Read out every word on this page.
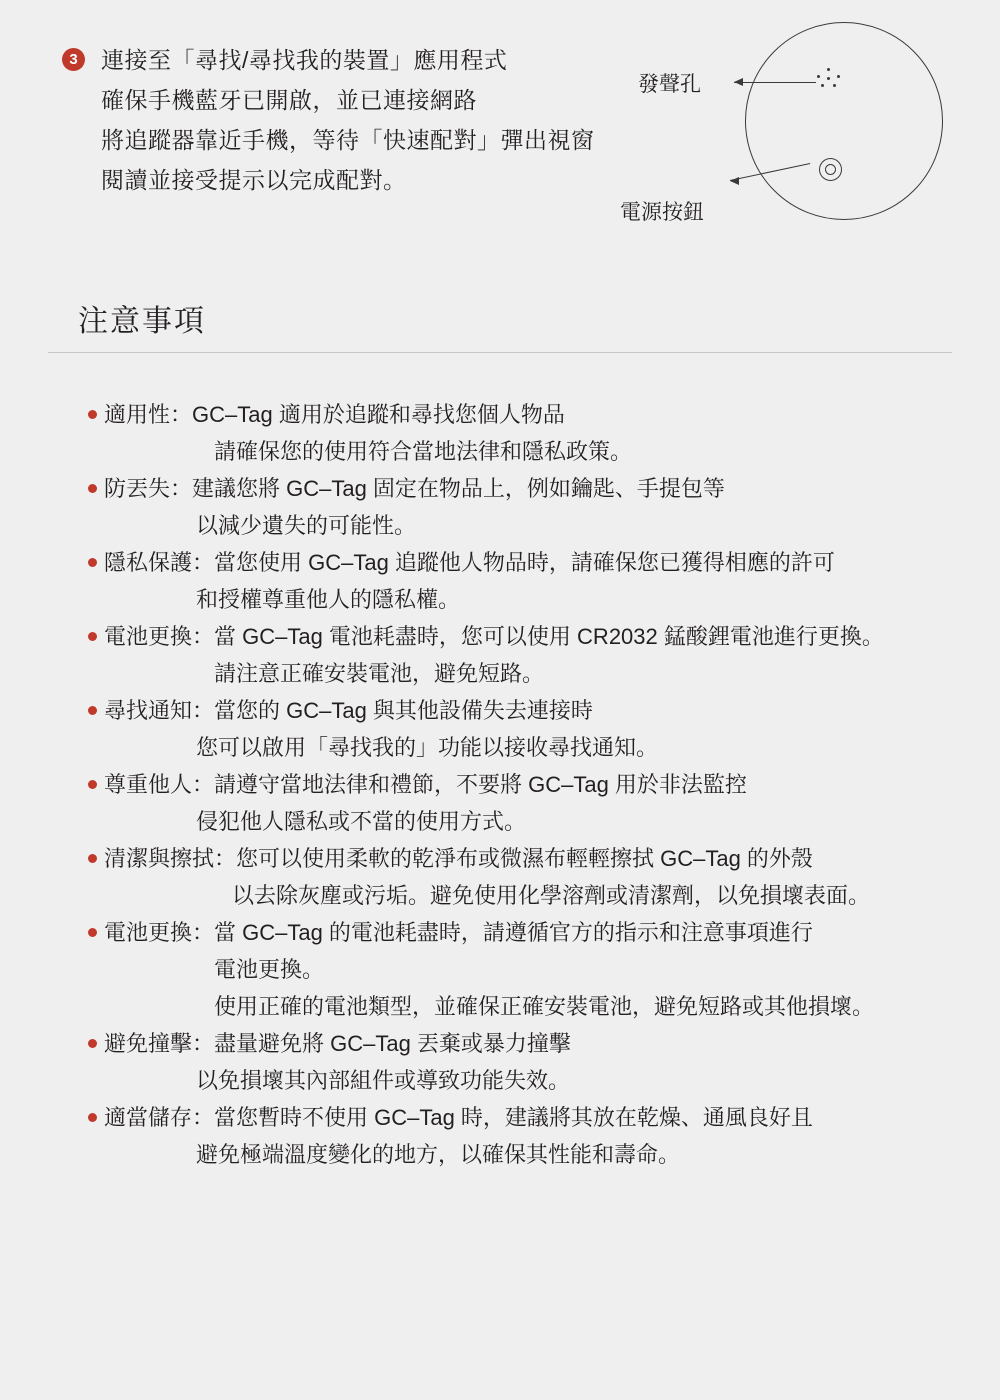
3	連接至「尋找/尋找我的裝置」應用程式
確保手機藍牙已開啟，並已連接網路
將追蹤器靠近手機，等待「快速配對」彈出視窗
閱讀並接受提示以完成配對。
發聲孔
電源按鈕
注意事項
適用性：GC–Tag 適用於追蹤和尋找您個人物品
請確保您的使用符合當地法律和隱私政策。
防丟失：建議您將 GC–Tag 固定在物品上，例如鑰匙、手提包等
以減少遺失的可能性。
隱私保護：當您使用 GC–Tag 追蹤他人物品時，請確保您已獲得相應的許可
和授權尊重他人的隱私權。
電池更換：當 GC–Tag 電池耗盡時，您可以使用 CR2032 錳酸鋰電池進行更換。
請注意正確安裝電池，避免短路。
尋找通知：當您的 GC–Tag 與其他設備失去連接時
您可以啟用「尋找我的」功能以接收尋找通知。
尊重他人：請遵守當地法律和禮節，不要將 GC–Tag 用於非法監控
侵犯他人隱私或不當的使用方式。
清潔與擦拭：您可以使用柔軟的乾淨布或微濕布輕輕擦拭 GC–Tag 的外殼
以去除灰塵或污垢。避免使用化學溶劑或清潔劑，以免損壞表面。
電池更換：當 GC–Tag 的電池耗盡時，請遵循官方的指示和注意事項進行
電池更換。
使用正確的電池類型，並確保正確安裝電池，避免短路或其他損壞。
避免撞擊：盡量避免將 GC–Tag 丟棄或暴力撞擊
以免損壞其內部組件或導致功能失效。
適當儲存：當您暫時不使用 GC–Tag 時，建議將其放在乾燥、通風良好且
避免極端溫度變化的地方，以確保其性能和壽命。
